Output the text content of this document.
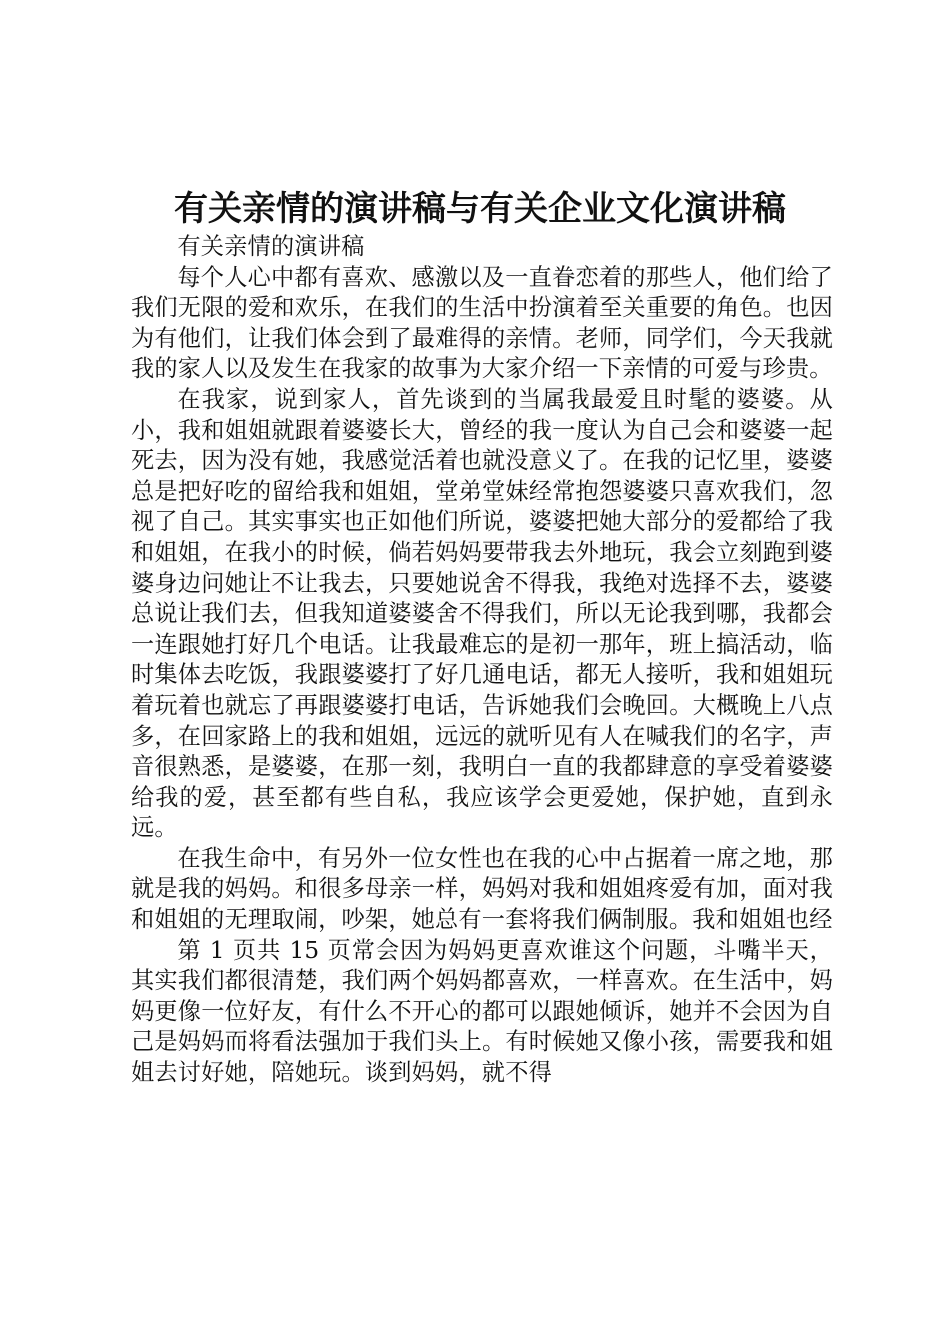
有关亲情的演讲稿与有关企业文化演讲稿

有关亲情的演讲稿

每个人心中都有喜欢、感激以及一直眷恋着的那些人，他们给了我们无限的爱和欢乐，在我们的生活中扮演着至关重要的角色。也因为有他们，让我们体会到了最难得的亲情。老师，同学们，今天我就我的家人以及发生在我家的故事为大家介绍一下亲情的可爱与珍贵。

在我家，说到家人，首先谈到的当属我最爱且时髦的婆婆。从小，我和姐姐就跟着婆婆长大，曾经的我一度认为自己会和婆婆一起死去，因为没有她，我感觉活着也就没意义了。在我的记忆里，婆婆总是把好吃的留给我和姐姐，堂弟堂妹经常抱怨婆婆只喜欢我们，忽视了自己。其实事实也正如他们所说，婆婆把她大部分的爱都给了我和姐姐，在我小的时候，倘若妈妈要带我去外地玩，我会立刻跑到婆婆身边问她让不让我去，只要她说舍不得我，我绝对选择不去，婆婆总说让我们去，但我知道婆婆舍不得我们，所以无论我到哪，我都会一连跟她打好几个电话。让我最难忘的是初一那年，班上搞活动，临时集体去吃饭，我跟婆婆打了好几通电话，都无人接听，我和姐姐玩着玩着也就忘了再跟婆婆打电话，告诉她我们会晚回。大概晚上八点多，在回家路上的我和姐姐，远远的就听见有人在喊我们的名字，声音很熟悉，是婆婆，在那一刻，我明白一直的我都肆意的享受着婆婆给我的爱，甚至都有些自私，我应该学会更爱她，保护她，直到永远。

在我生命中，有另外一位女性也在我的心中占据着一席之地，那就是我的妈妈。和很多母亲一样，妈妈对我和姐姐疼爱有加，面对我和姐姐的无理取闹，吵架，她总有一套将我们俩制服。我和姐姐也经

第 1 页共 15 页常会因为妈妈更喜欢谁这个问题，斗嘴半天，其实我们都很清楚，我们两个妈妈都喜欢，一样喜欢。在生活中，妈妈更像一位好友，有什么不开心的都可以跟她倾诉，她并不会因为自己是妈妈而将看法强加于我们头上。有时候她又像小孩，需要我和姐姐去讨好她，陪她玩。谈到妈妈，就不得
